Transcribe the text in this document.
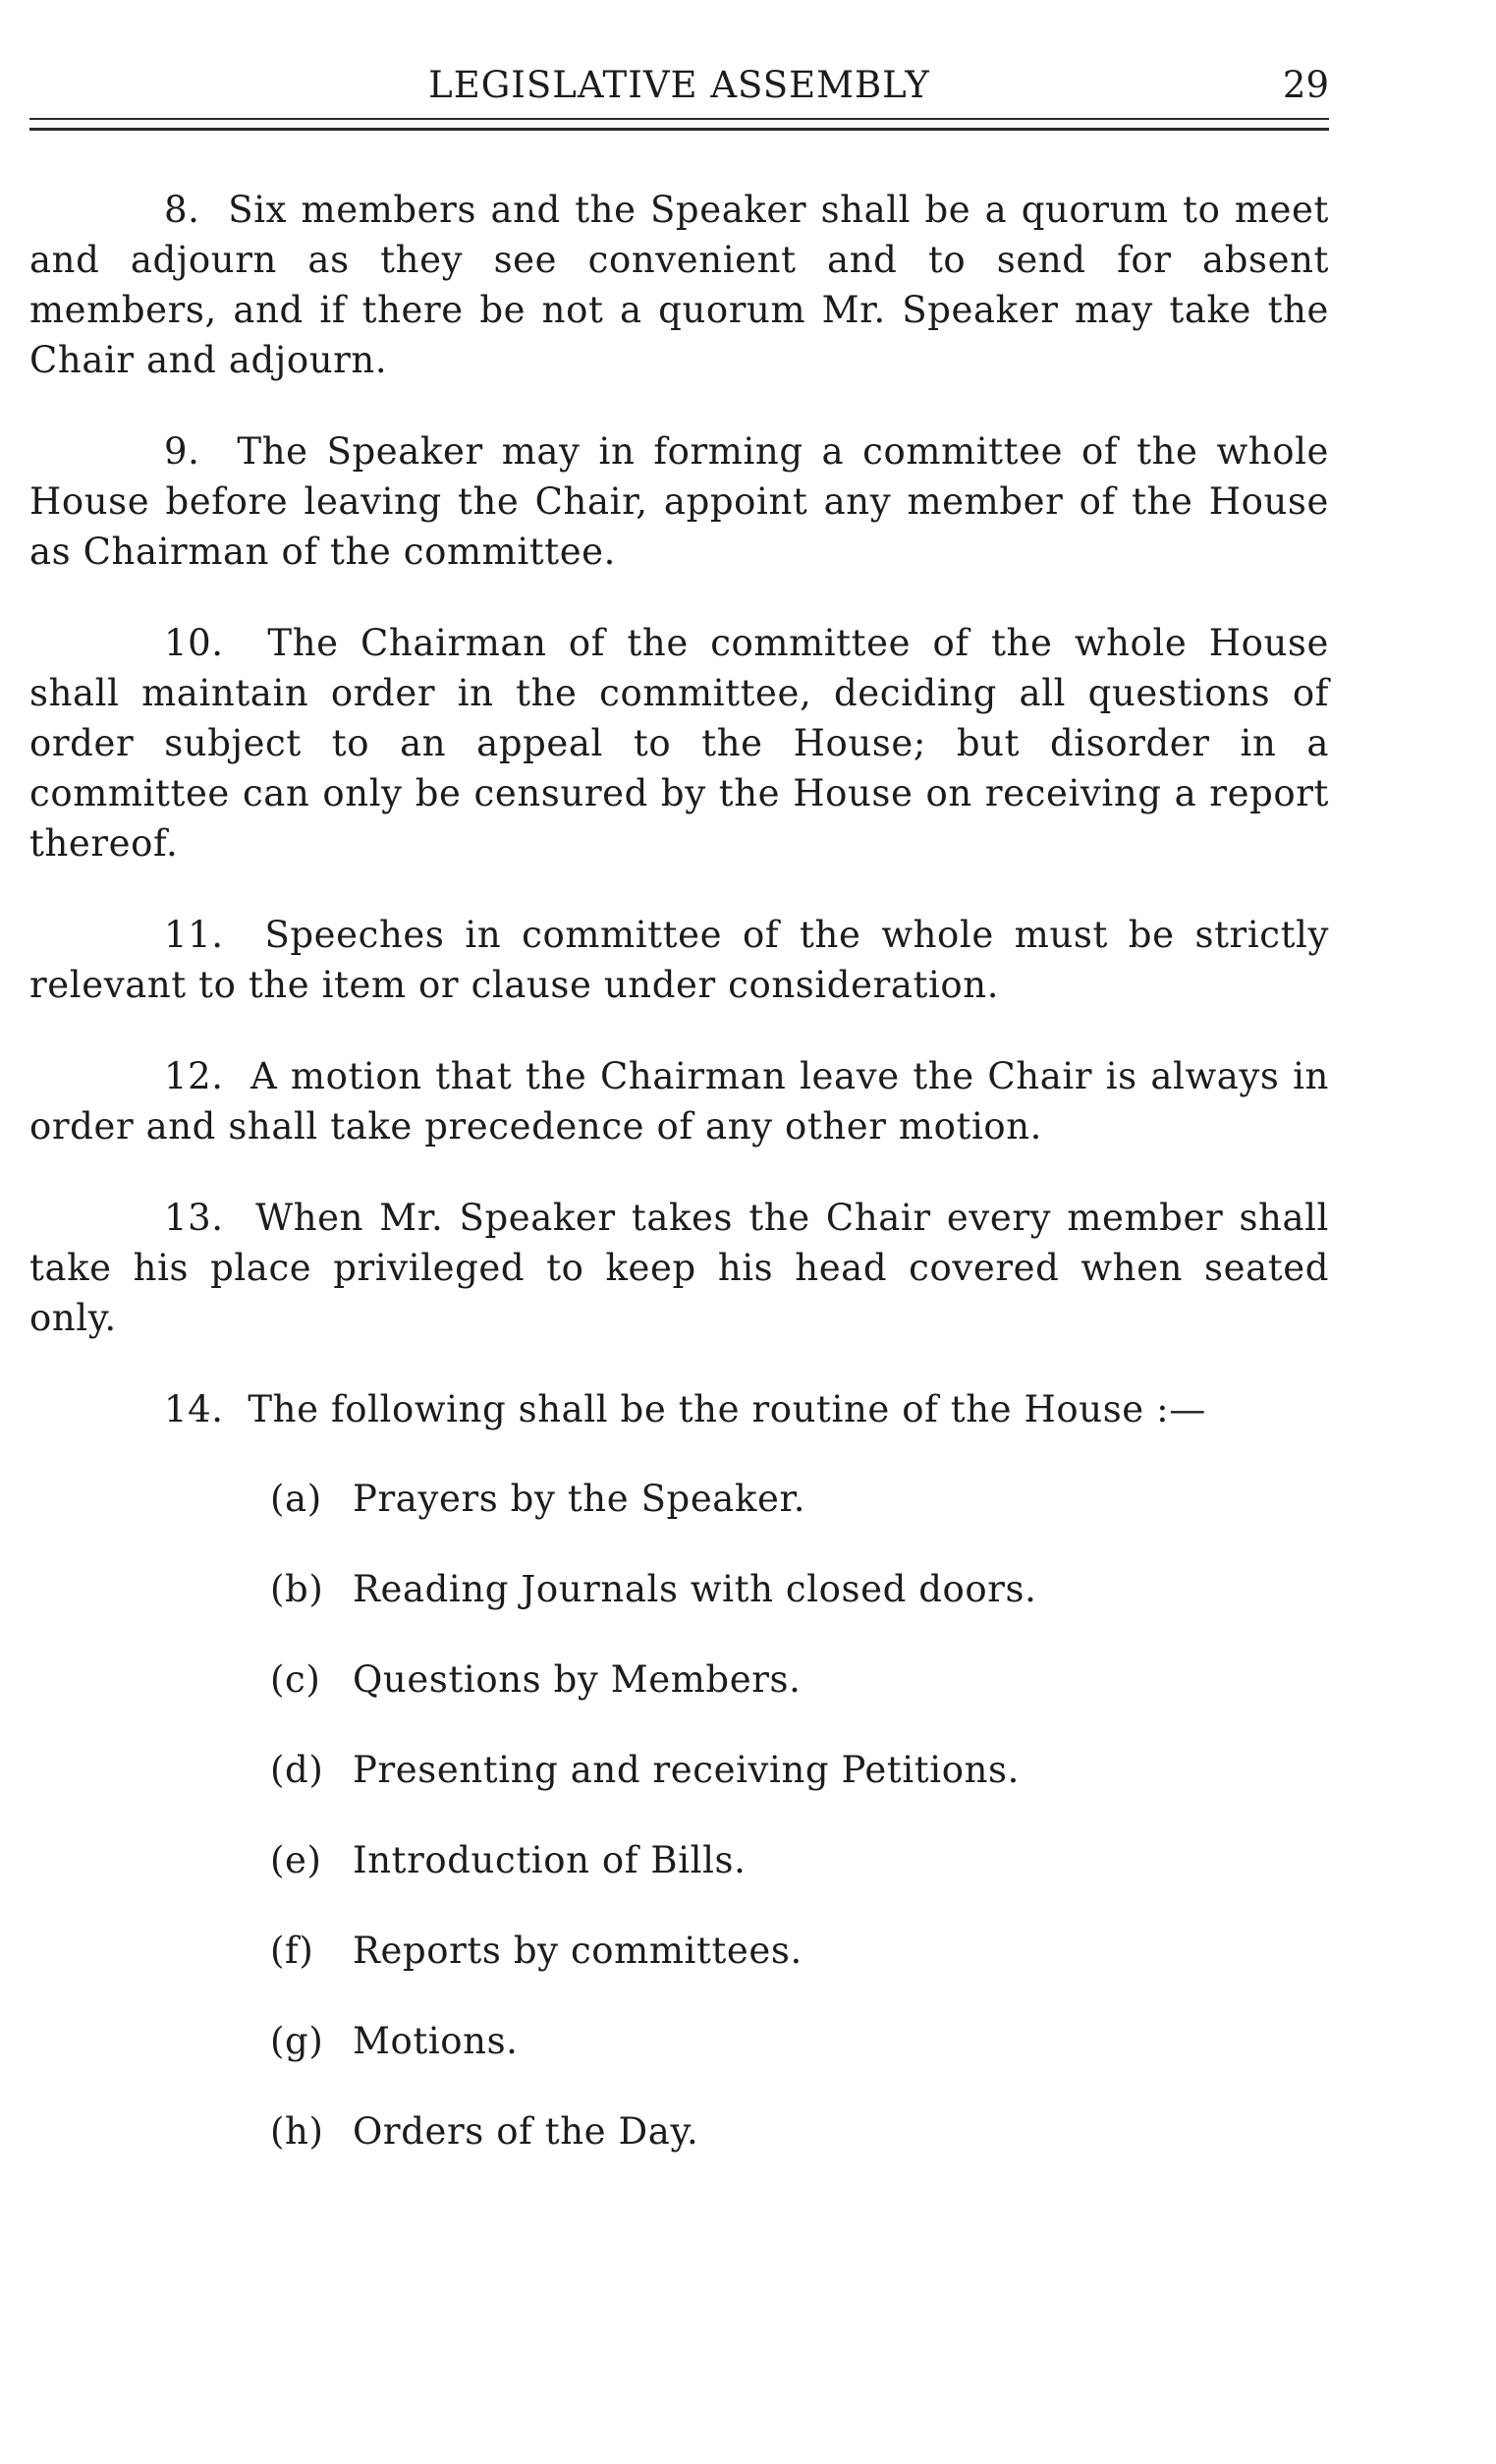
LEGISLATIVE ASSEMBLY	29

8. Six members and the Speaker shall be a quorum to meet and adjourn as they see convenient and to send for absent members, and if there be not a quorum Mr. Speaker may take the Chair and adjourn.

9. The Speaker may in forming a committee of the whole House before leaving the Chair, appoint any member of the House as Chairman of the committee.

10. The Chairman of the committee of the whole House shall maintain order in the committee, deciding all questions of order subject to an appeal to the House; but disorder in a committee can only be censured by the House on receiving a report thereof.

11. Speeches in committee of the whole must be strictly relevant to the item or clause under consideration.

12. A motion that the Chairman leave the Chair is always in order and shall take precedence of any other motion.

13. When Mr. Speaker takes the Chair every member shall take his place privileged to keep his head covered when seated only.

14. The following shall be the routine of the House :—
(a) Prayers by the Speaker.
(b) Reading Journals with closed doors.
(c) Questions by Members.
(d) Presenting and receiving Petitions.
(e) Introduction of Bills.
(f) Reports by committees.
(g) Motions.
(h) Orders of the Day.
